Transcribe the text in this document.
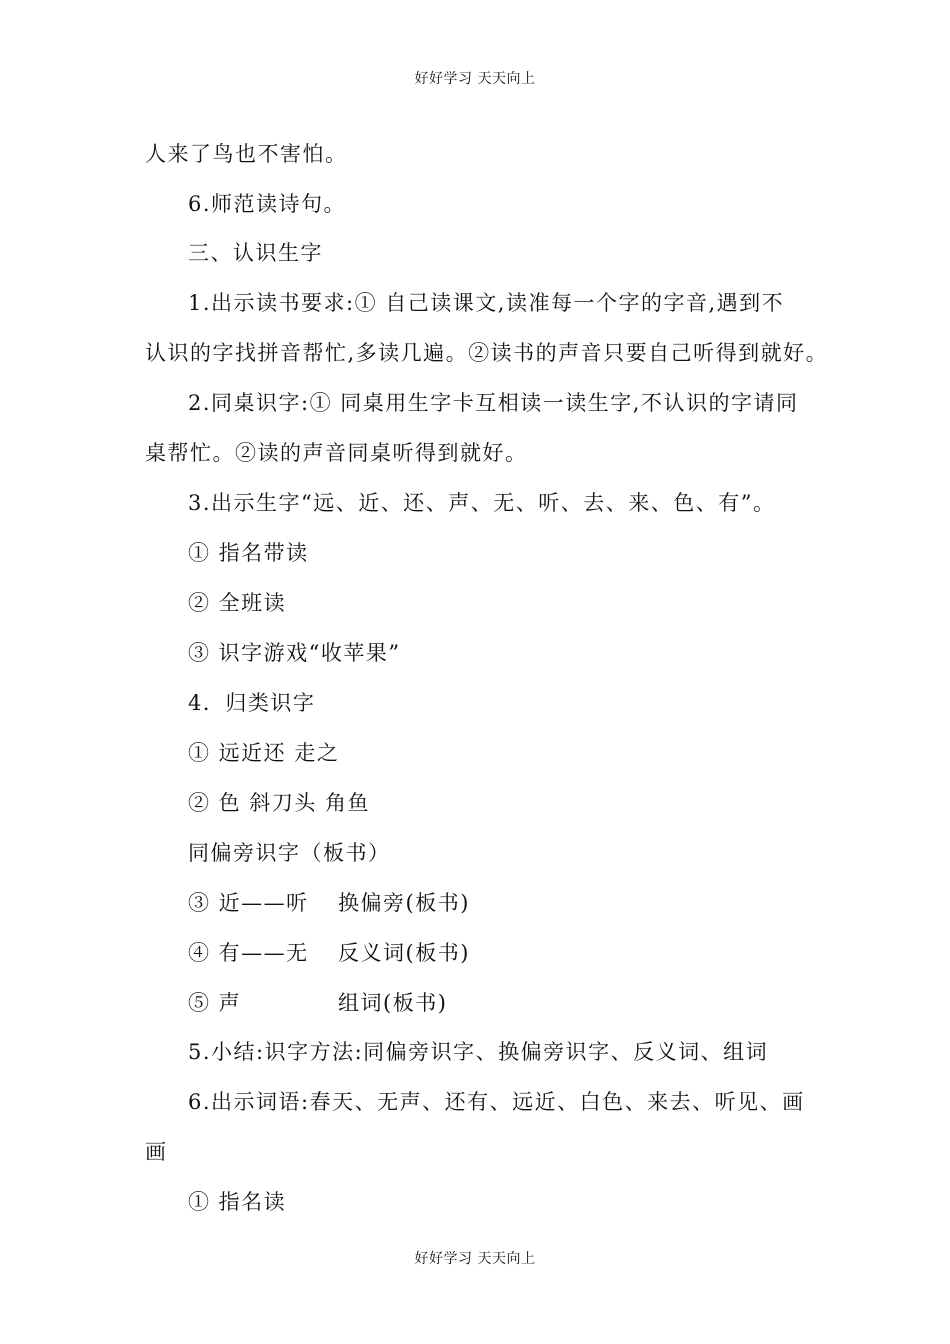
好好学习 天天向上
人来了鸟也不害怕。
6.师范读诗句。
三、认识生字
1.出示读书要求:① 自己读课文,读准每一个字的字音,遇到不
认识的字找拼音帮忙,多读几遍。②读书的声音只要自己听得到就好。
2.同桌识字:① 同桌用生字卡互相读一读生字,不认识的字请同
桌帮忙。②读的声音同桌听得到就好。
3.出示生字“远、近、还、声、无、听、去、来、色、有”。
① 指名带读
② 全班读
③ 识字游戏“收苹果”
4．归类识字
① 远近还 走之
② 色 斜刀头 角鱼
同偏旁识字（板书）
③ 近——听 换偏旁(板书)
④ 有——无 反义词(板书)
⑤ 声	组词(板书)
5.小结:识字方法:同偏旁识字、换偏旁识字、反义词、组词
6.出示词语:春天、无声、还有、远近、白色、来去、听见、画
画
① 指名读
好好学习 天天向上
